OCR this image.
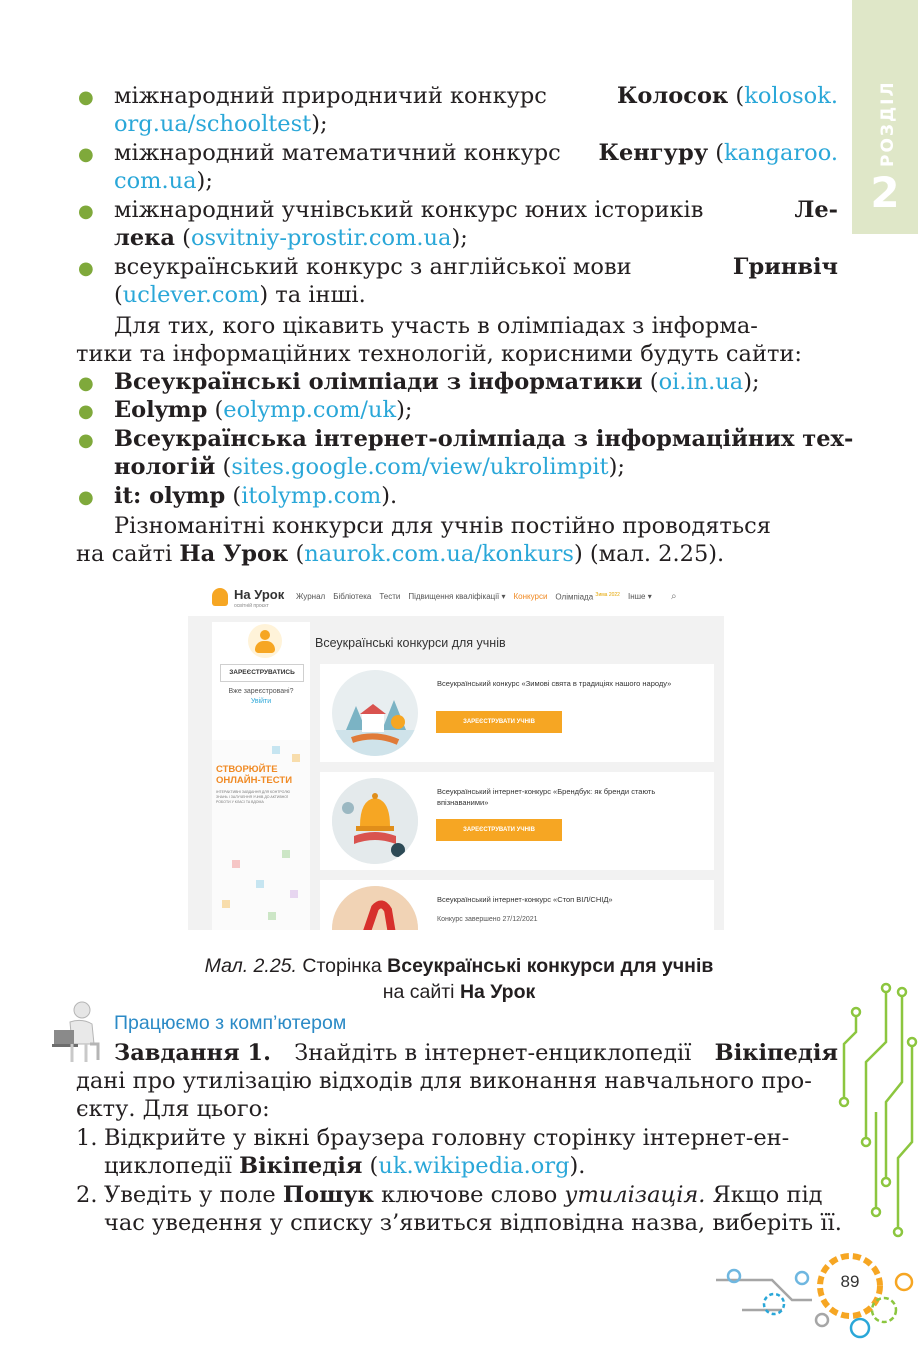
РОЗДІЛ
2
●
міжнародний природничий конкурс	Колосок (kolosok.
org.ua/schooltest);
●
міжнародний математичний конкурс Кенгуру (kangaroo.
com.ua);
●
міжнародний учнівський конкурс юних істориків	Ле-
лека (osvitniy-prostir.com.ua);
●
всеукраїнський конкурс з англійської мови	Гринвіч
(uclever.com) та інші.
Для тих, кого цікавить участь в олімпіадах з інформа-
тики та інформаційних технологій, корисними будуть сайти:
●
Всеукраїнські олімпіади з інформатики (oi.in.ua);
●
Eolymp (eolymp.com/uk);
●
Всеукраїнська інтернет-олімпіада з інформаційних тех-
нологій (sites.google.com/view/ukrolimpit);
●
it: olymp (itolymp.com).
Різноманітні конкурси для учнів постійно проводяться
на сайті На Урок (naurok.com.ua/konkurs) (мал. 2.25).
На Урок
освітній проєкт
Журнал Бібліотека Тести Підвищення кваліфікації ▾ Конкурси Олімпіада $^{Зима 2022}$ Інше ▾ ⌕
ЗАРЕЄСТРУВАТИСЬ
Вже зареєстровані?
Увійти
СТВОРЮЙТЕ ОНЛАЙН-ТЕСТИ
ІНТЕРАКТИВНІ ЗАВДАННЯ ДЛЯ КОНТРОЛЮ ЗНАНЬ І ЗАЛУЧЕННЯ УЧНІВ ДО АКТИВНОЇ РОБОТИ У КЛАСІ ТА ВДОМА
Всеукраїнські конкурси для учнів
Всеукраїнський конкурс «Зимові свята в традиціях нашого народу»
ЗАРЕЄСТРУВАТИ УЧНІВ
Всеукраїнський інтернет-конкурс «Брендбук: як бренди стають впізнаваними»
ЗАРЕЄСТРУВАТИ УЧНІВ
Всеукраїнський інтернет-конкурс «Стоп ВІЛ/СНІД»
Конкурс завершено 27/12/2021
Мал. 2.25. Сторінка Всеукраїнські конкурси для учнів
на сайті На Урок
Працюємо з комп’ютером
Завдання 1. Знайдіть в інтернет-енциклопедії Вікіпедія
дані про утилізацію відходів для виконання навчального про-
єкту. Для цього:
1. Відкрийте у вікні браузера головну сторінку інтернет-ен-
циклопедії Вікіпедія (uk.wikipedia.org).
2. Уведіть у поле Пошук ключове слово утилізація. Якщо під
час уведення у списку з’явиться відповідна назва, виберіть її.
89
